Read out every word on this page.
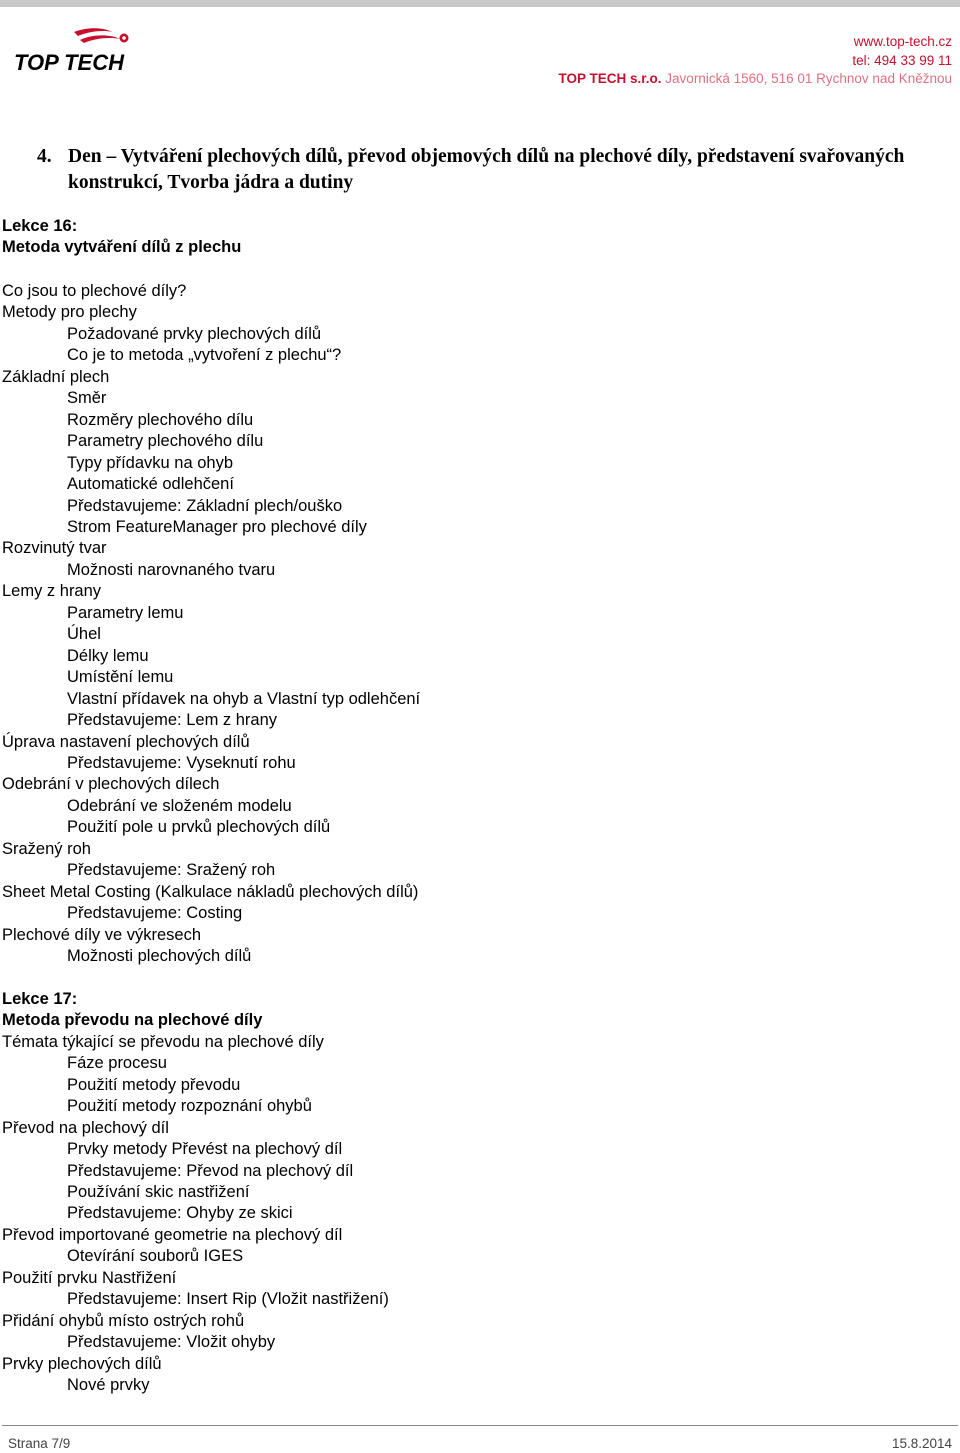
TOP TECH
www.top-tech.cz
tel: 494 33 99 11
TOP TECH s.r.o. Javornická 1560, 516 01 Rychnov nad Kněžnou
4. Den – Vytváření plechových dílů, převod objemových dílů na plechové díly, představení svařovaných konstrukcí, Tvorba jádra a dutiny
Lekce 16:
Metoda vytváření dílů z plechu
Co jsou to plechové díly?
Metody pro plechy
Požadované prvky plechových dílů
Co je to metoda „vytvoření z plechu“?
Základní plech
Směr
Rozměry plechového dílu
Parametry plechového dílu
Typy přídavku na ohyb
Automatické odlehčení
Představujeme: Základní plech/ouško
Strom FeatureManager pro plechové díly
Rozvinutý tvar
Možnosti narovnaného tvaru
Lemy z hrany
Parametry lemu
Úhel
Délky lemu
Umístění lemu
Vlastní přídavek na ohyb a Vlastní typ odlehčení
Představujeme: Lem z hrany
Úprava nastavení plechových dílů
Představujeme: Vyseknutí rohu
Odebrání v plechových dílech
Odebrání ve složeném modelu
Použití pole u prvků plechových dílů
Sražený roh
Představujeme: Sražený roh
Sheet Metal Costing (Kalkulace nákladů plechových dílů)
Představujeme: Costing
Plechové díly ve výkresech
Možnosti plechových dílů
Lekce 17:
Metoda převodu na plechové díly
Témata týkající se převodu na plechové díly
Fáze procesu
Použití metody převodu
Použití metody rozpoznání ohybů
Převod na plechový díl
Prvky metody Převést na plechový díl
Představujeme: Převod na plechový díl
Používání skic nastřižení
Představujeme: Ohyby ze skici
Převod importované geometrie na plechový díl
Otevírání souborů IGES
Použití prvku Nastřižení
Představujeme: Insert Rip (Vložit nastřižení)
Přidání ohybů místo ostrých rohů
Představujeme: Vložit ohyby
Prvky plechových dílů
Nové prvky
Strana 7/9	15.8.2014
